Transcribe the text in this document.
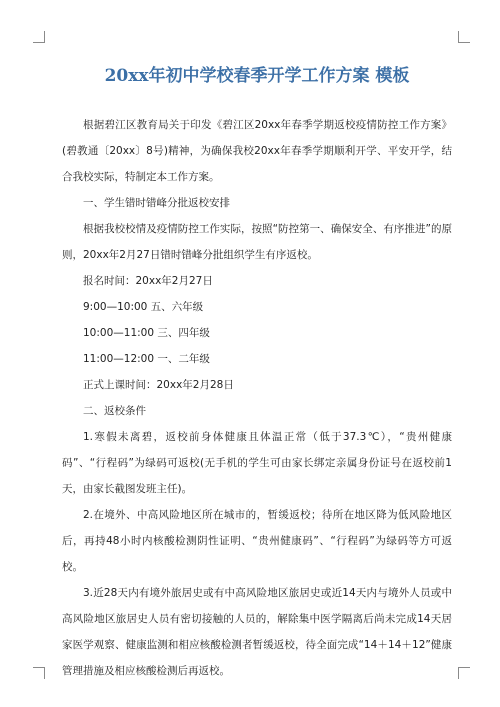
20xx年初中学校春季开学工作方案 模板

根据碧江区教育局关于印发《碧江区20xx年春季学期返校疫情防控工作方案》(碧教通〔20xx〕8号)精神，为确保我校20xx年春季学期顺利开学、平安开学，结合我校实际，特制定本工作方案。

一、学生错时错峰分批返校安排

根据我校校情及疫情防控工作实际，按照“防控第一、确保安全、有序推进”的原则，20xx年2月27日错时错峰分批组织学生有序返校。

报名时间：20xx年2月27日

9:00—10:00 五、六年级

10:00—11:00 三、四年级

11:00—12:00 一、二年级

正式上课时间：20xx年2月28日

二、返校条件

1.寒假未离碧，返校前身体健康且体温正常（低于37.3℃），“贵州健康码”、“行程码”为绿码可返校(无手机的学生可由家长绑定亲属身份证号在返校前1天，由家长截图发班主任)。

2.在境外、中高风险地区所在城市的，暂缓返校；待所在地区降为低风险地区后，再持48小时内核酸检测阴性证明、“贵州健康码”、“行程码”为绿码等方可返校。

3.近28天内有境外旅居史或有中高风险地区旅居史或近14天内与境外人员或中高风险地区旅居史人员有密切接触的人员的，解除集中医学隔离后尚未完成14天居家医学观察、健康监测和相应核酸检测者暂缓返校，待全面完成“14＋14＋12”健康管理措施及相应核酸检测后再返校。
